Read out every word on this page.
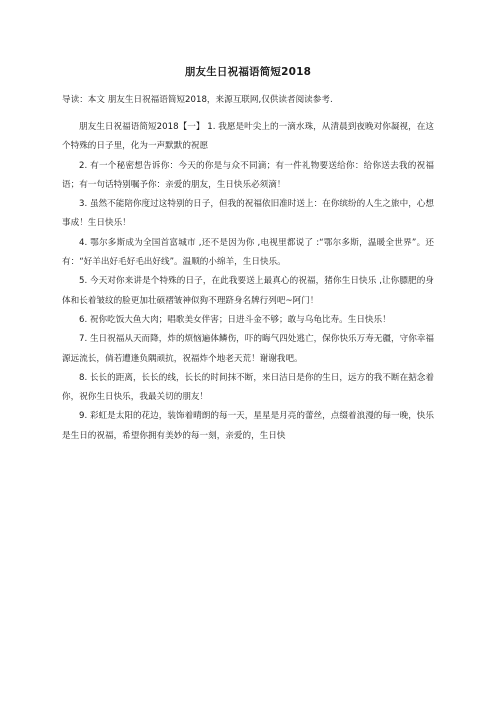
朋友生日祝福语简短2018
导读：本文 朋友生日祝福语简短2018，来源互联网,仅供读者阅读参考.

朋友生日祝福语简短2018【一】 1. 我愿是叶尖上的一滴水珠，从清晨到夜晚对你凝视，在这个特殊的日子里，化为一声默默的祝愿

2. 有一个秘密想告诉你：今天的你是与众不同滴；有一件礼物要送给你：给你送去我的祝福语；有一句话特别嘱予你：亲爱的朋友，生日快乐必须滴！

3. 虽然不能陪你度过这特别的日子，但我的祝福依旧准时送上：在你缤纷的人生之旅中，心想事成！生日快乐！

4. 鄂尔多斯成为全国首富城市 ,还不是因为你 ,电视里都说了 :“鄂尔多斯，温暖全世界”。还有：“好羊出好毛好毛出好线”。温顺的小绵羊，生日快乐。

5. 今天对你来讲是个特殊的日子，在此我要送上最真心的祝福，猪你生日快乐 ,让你膘肥的身体和长着皱纹的脸更加壮硕褶皱神似狗不理跻身名牌行列吧~阿门！

6. 祝你吃饭大鱼大肉；唱歌美女伴害；日进斗金不够；敢与乌龟比寿。生日快乐！

7. 生日祝福从天而降，炸的烦恼遍体鳞伤，吓的晦气四处逃亡，保你快乐万寿无疆，守你幸福源远流长，倘若遭逢负隅顽抗，祝福炸个地老天荒！谢谢我吧。

8. 长长的距离，长长的线，长长的时间抹不断，来日洁日是你的生日，远方的我不断在掂念着你，祝你生日快乐，我最关切的朋友！

9. 彩虹是太阳的花边，装饰着晴朗的每一天，星星是月亮的蕾丝，点缀着浪漫的每一晚，快乐是生日的祝福，希望你拥有美妙的每一刻，亲爱的，生日快
